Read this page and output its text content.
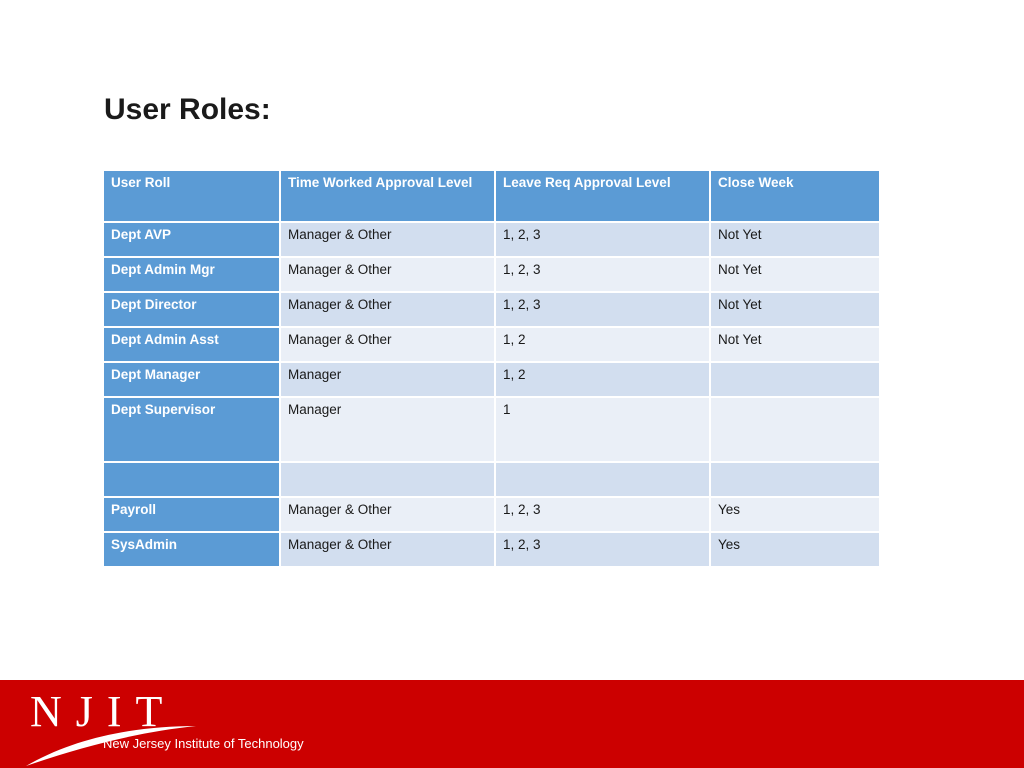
User Roles:
User Roll	Time Worked Approval Level	Leave Req Approval Level	Close Week
Dept AVP	Manager & Other	1, 2, 3	Not Yet
Dept Admin Mgr	Manager & Other	1, 2, 3	Not Yet
Dept Director	Manager & Other	1, 2, 3	Not Yet
Dept Admin Asst	Manager & Other	1, 2	Not Yet
Dept Manager	Manager	1, 2	
Dept Supervisor	Manager	1	

Payroll	Manager & Other	1, 2, 3	Yes
SysAdmin	Manager & Other	1, 2, 3	Yes
NJIT
New Jersey Institute of Technology
